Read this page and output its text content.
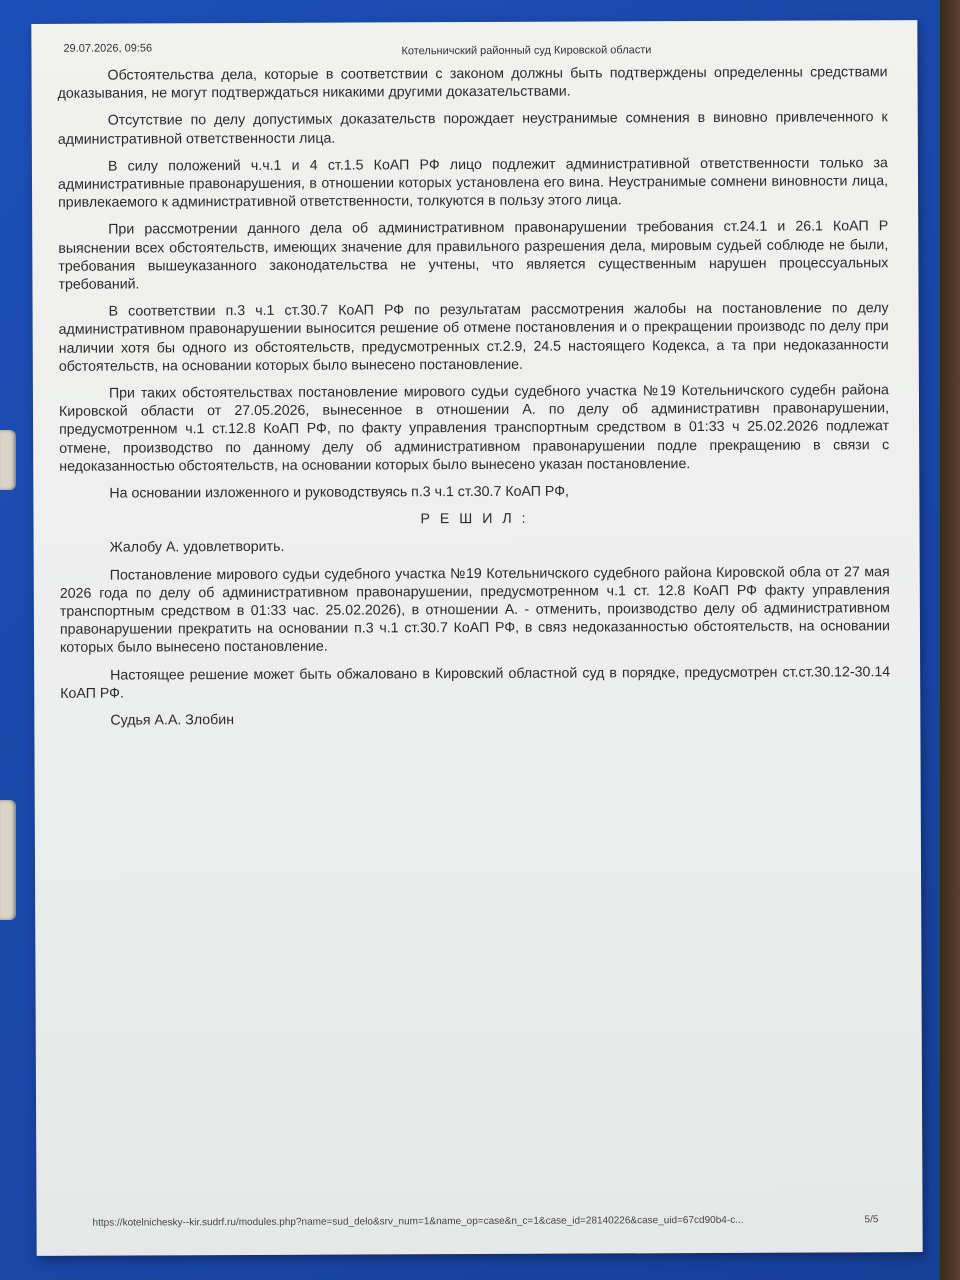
29.07.2026, 09:56	Котельничский районный суд Кировской области

Обстоятельства дела, которые в соответствии с законом должны быть подтверждены определенны средствами доказывания, не могут подтверждаться никакими другими доказательствами.

Отсутствие по делу допустимых доказательств порождает неустранимые сомнения в виновно привлеченного к административной ответственности лица.

В силу положений ч.ч.1 и 4 ст.1.5 КоАП РФ лицо подлежит административной ответственности только за административные правонарушения, в отношении которых установлена его вина. Неустранимые сомнени виновности лица, привлекаемого к административной ответственности, толкуются в пользу этого лица.

При рассмотрении данного дела об административном правонарушении требования ст.24.1 и 26.1 КоАП Р выяснении всех обстоятельств, имеющих значение для правильного разрешения дела, мировым судьей соблюде не были, требования вышеуказанного законодательства не учтены, что является существенным нарушен процессуальных требований.

В соответствии п.3 ч.1 ст.30.7 КоАП РФ по результатам рассмотрения жалобы на постановление по делу административном правонарушении выносится решение об отмене постановления и о прекращении производс по делу при наличии хотя бы одного из обстоятельств, предусмотренных ст.2.9, 24.5 настоящего Кодекса, а та при недоказанности обстоятельств, на основании которых было вынесено постановление.

При таких обстоятельствах постановление мирового судьи судебного участка №19 Котельничского судебн района Кировской области от 27.05.2026, вынесенное в отношении А. по делу об административн правонарушении, предусмотренном ч.1 ст.12.8 КоАП РФ, по факту управления транспортным средством в 01:33 ч 25.02.2026 подлежат отмене, производство по данному делу об административном правонарушении подле прекращению в связи с недоказанностью обстоятельств, на основании которых было вынесено указан постановление.

На основании изложенного и руководствуясь п.3 ч.1 ст.30.7 КоАП РФ,

Р Е Ш И Л :

Жалобу А. удовлетворить.

Постановление мирового судьи судебного участка №19 Котельничского судебного района Кировской обла от 27 мая 2026 года по делу об административном правонарушении, предусмотренном ч.1 ст. 12.8 КоАП РФ факту управления транспортным средством в 01:33 час. 25.02.2026), в отношении А. - отменить, производство делу об административном правонарушении прекратить на основании п.3 ч.1 ст.30.7 КоАП РФ, в связ недоказанностью обстоятельств, на основании которых было вынесено постановление.

Настоящее решение может быть обжаловано в Кировский областной суд в порядке, предусмотрен ст.ст.30.12-30.14 КоАП РФ.

Судья А.А. Злобин

https://kotelnichesky--kir.sudrf.ru/modules.php?name=sud_delo&srv_num=1&name_op=case&n_c=1&case_id=28140226&case_uid=67cd90b4-c...	5/5
